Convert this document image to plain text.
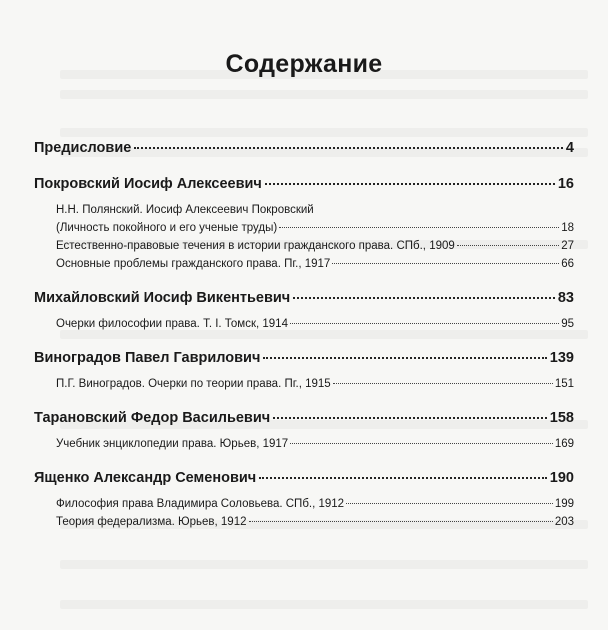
Содержание
Предисловие	4
Покровский Иосиф Алексеевич	16
Н.Н. Полянский. Иосиф Алексеевич Покровский
(Личность покойного и его ученые труды)	18
Естественно-правовые течения в истории гражданского права. СПб., 1909	27
Основные проблемы гражданского права. Пг., 1917	66
Михайловский Иосиф Викентьевич	83
Очерки философии права. Т. I. Томск, 1914	95
Виноградов Павел Гаврилович	139
П.Г. Виноградов. Очерки по теории права. Пг., 1915	151
Тарановский Федор Васильевич	158
Учебник энциклопедии права. Юрьев, 1917	169
Ященко Александр Семенович	190
Философия права Владимира Соловьева. СПб., 1912	199
Теория федерализма. Юрьев, 1912	203
